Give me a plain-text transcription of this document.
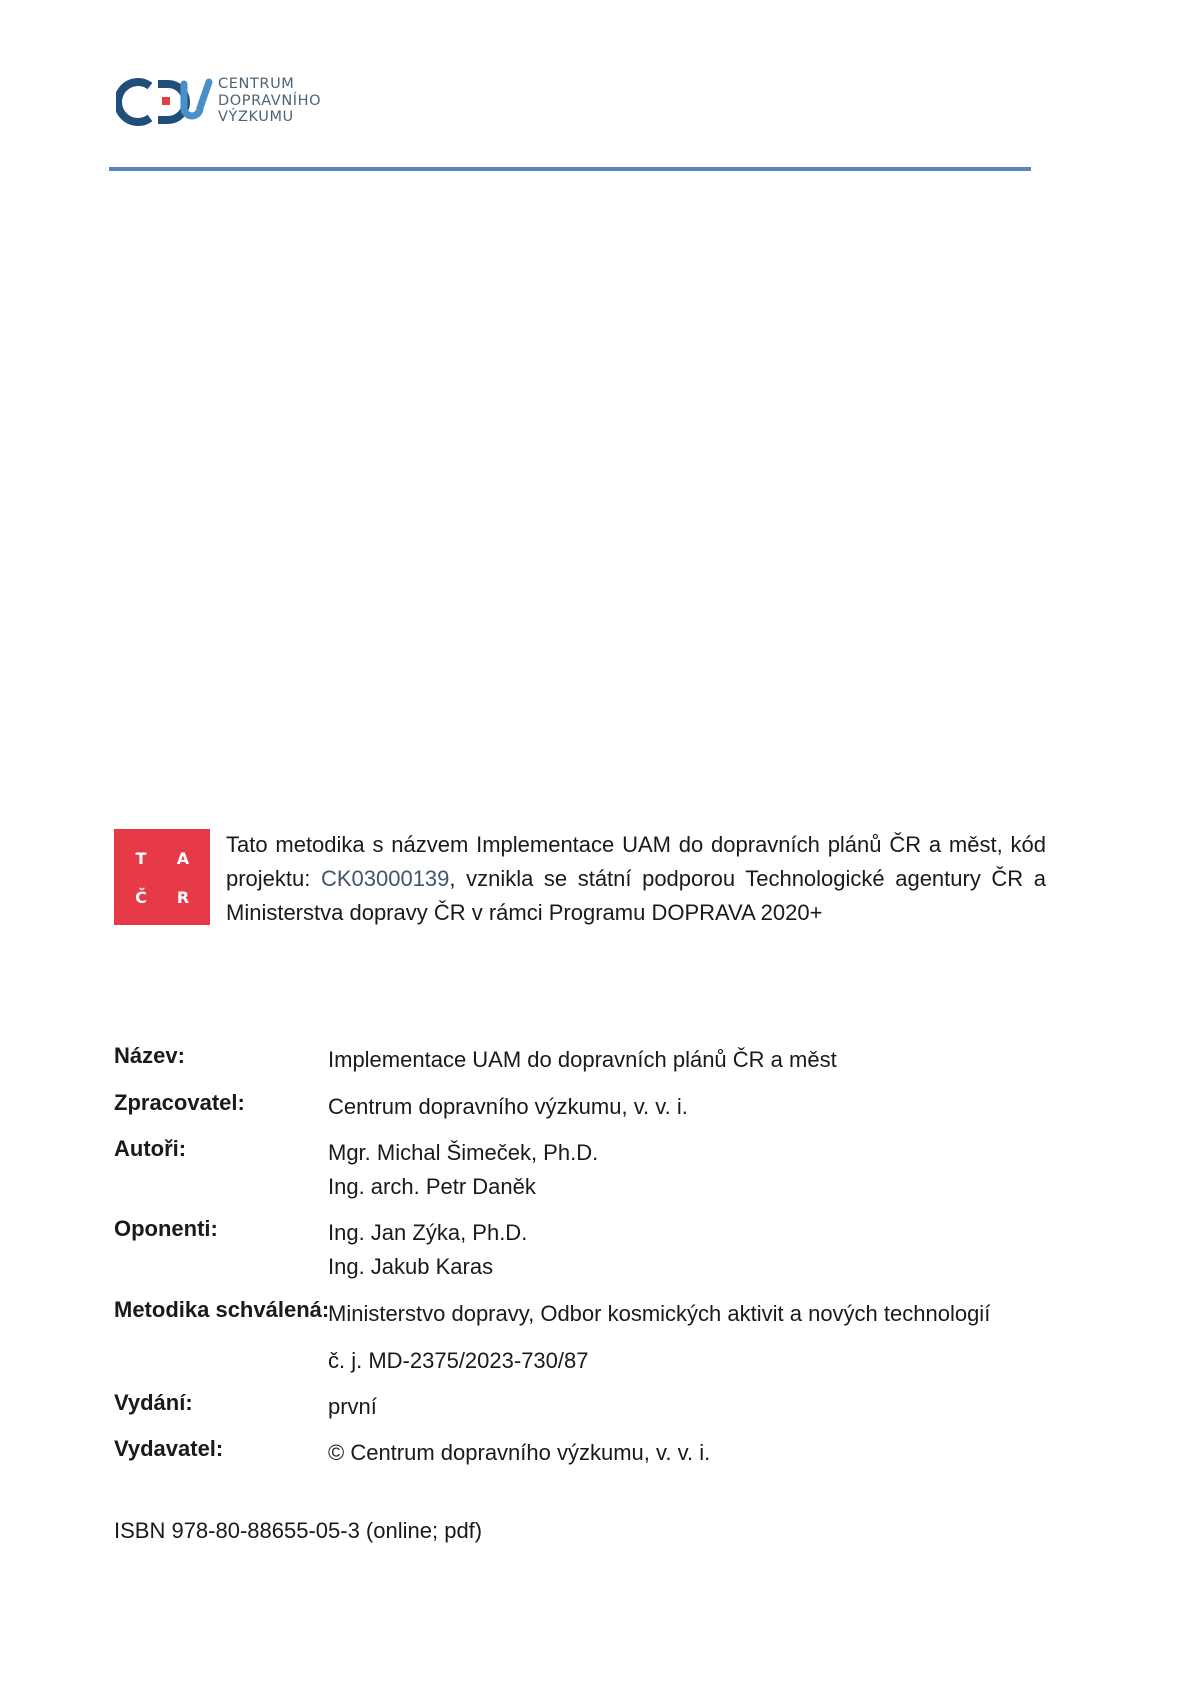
CENTRUM
DOPRAVNÍHO
VÝZKUMU
T A
Č R
Tato metodika s názvem Implementace UAM do dopravních plánů ČR a měst, kód projektu: CK03000139, vznikla se státní podporou Technologické agentury ČR a Ministerstva dopravy ČR v rámci Programu DOPRAVA 2020+
Název:	Implementace UAM do dopravních plánů ČR a měst
Zpracovatel:	Centrum dopravního výzkumu, v. v. i.
Autoři:	Mgr. Michal Šimeček, Ph.D.
Ing. arch. Petr Daněk
Oponenti:	Ing. Jan Zýka, Ph.D.
Ing. Jakub Karas
Metodika schválená:
Ministerstvo dopravy, Odbor kosmických aktivit a nových technologií
č. j. MD-2375/2023-730/87
Vydání:	první
Vydavatel:	© Centrum dopravního výzkumu, v. v. i.
ISBN 978-80-88655-05-3 (online; pdf)
